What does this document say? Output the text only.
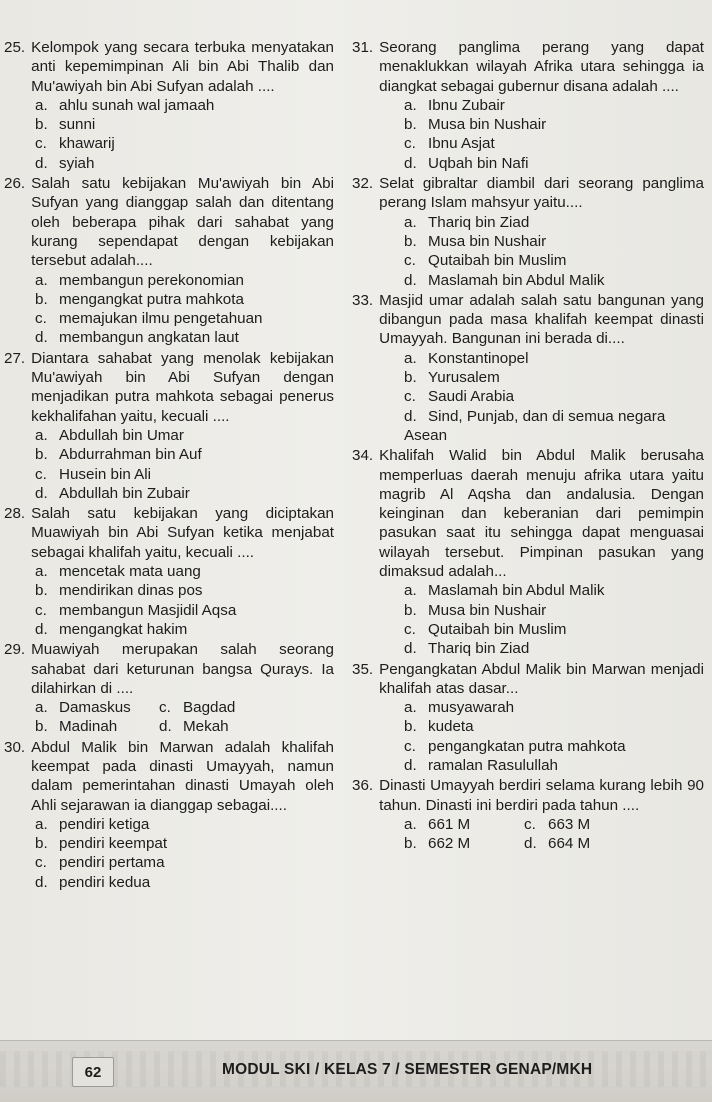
25. Kelompok yang secara terbuka menyatakan anti kepemimpinan Ali bin Abi Thalib dan Mu'awiyah bin Abi Sufyan adalah ....
a. ahlu sunah wal jamaah
b. sunni
c. khawarij
d. syiah
26. Salah satu kebijakan Mu'awiyah bin Abi Sufyan yang dianggap salah dan ditentang oleh beberapa pihak dari sahabat yang kurang sependapat dengan kebijakan tersebut adalah....
a. membangun perekonomian
b. mengangkat putra mahkota
c. memajukan ilmu pengetahuan
d. membangun angkatan laut
27. Diantara sahabat yang menolak kebijakan Mu'awiyah bin Abi Sufyan dengan menjadikan putra mahkota sebagai penerus kekhalifahan yaitu, kecuali ....
a. Abdullah bin Umar
b. Abdurrahman bin Auf
c. Husein bin Ali
d. Abdullah bin Zubair
28. Salah satu kebijakan yang diciptakan Muawiyah bin Abi Sufyan ketika menjabat sebagai khalifah yaitu, kecuali ....
a. mencetak mata uang
b. mendirikan dinas pos
c. membangun Masjidil Aqsa
d. mengangkat hakim
29. Muawiyah merupakan salah seorang sahabat dari keturunan bangsa Qurays. Ia dilahirkan di ....
a. Damaskus	c. Bagdad
b. Madinah	d. Mekah
30. Abdul Malik bin Marwan adalah khalifah keempat pada dinasti Umayyah, namun dalam pemerintahan dinasti Umayah oleh Ahli sejarawan ia dianggap sebagai....
a. pendiri ketiga
b. pendiri keempat
c. pendiri pertama
d. pendiri kedua
31. Seorang panglima perang yang dapat menaklukkan wilayah Afrika utara sehingga ia diangkat sebagai gubernur disana adalah ....
a. Ibnu Zubair
b. Musa bin Nushair
c. Ibnu Asjat
d. Uqbah bin Nafi
32. Selat gibraltar diambil dari seorang panglima perang Islam mahsyur yaitu....
a. Thariq bin Ziad
b. Musa bin Nushair
c. Qutaibah bin Muslim
d. Maslamah bin Abdul Malik
33. Masjid umar adalah salah satu bangunan yang dibangun pada masa khalifah keempat dinasti Umayyah. Bangunan ini berada di....
a. Konstantinopel
b. Yurusalem
c. Saudi Arabia
d. Sind, Punjab, dan di semua negara Asean
34. Khalifah Walid bin Abdul Malik berusaha memperluas daerah menuju afrika utara yaitu magrib Al Aqsha dan andalusia. Dengan keinginan dan keberanian dari pemimpin pasukan saat itu sehingga dapat menguasai wilayah tersebut. Pimpinan pasukan yang dimaksud adalah...
a. Maslamah bin Abdul Malik
b. Musa bin Nushair
c. Qutaibah bin Muslim
d. Thariq bin Ziad
35. Pengangkatan Abdul Malik bin Marwan menjadi khalifah atas dasar...
a. musyawarah
b. kudeta
c. pengangkatan putra mahkota
d. ramalan Rasulullah
36. Dinasti Umayyah berdiri selama kurang lebih 90 tahun. Dinasti ini berdiri pada tahun ....
a. 661 M	c. 663 M
b. 662 M	d. 664 M
62	MODUL SKI / KELAS 7 / SEMESTER GENAP/MKH
